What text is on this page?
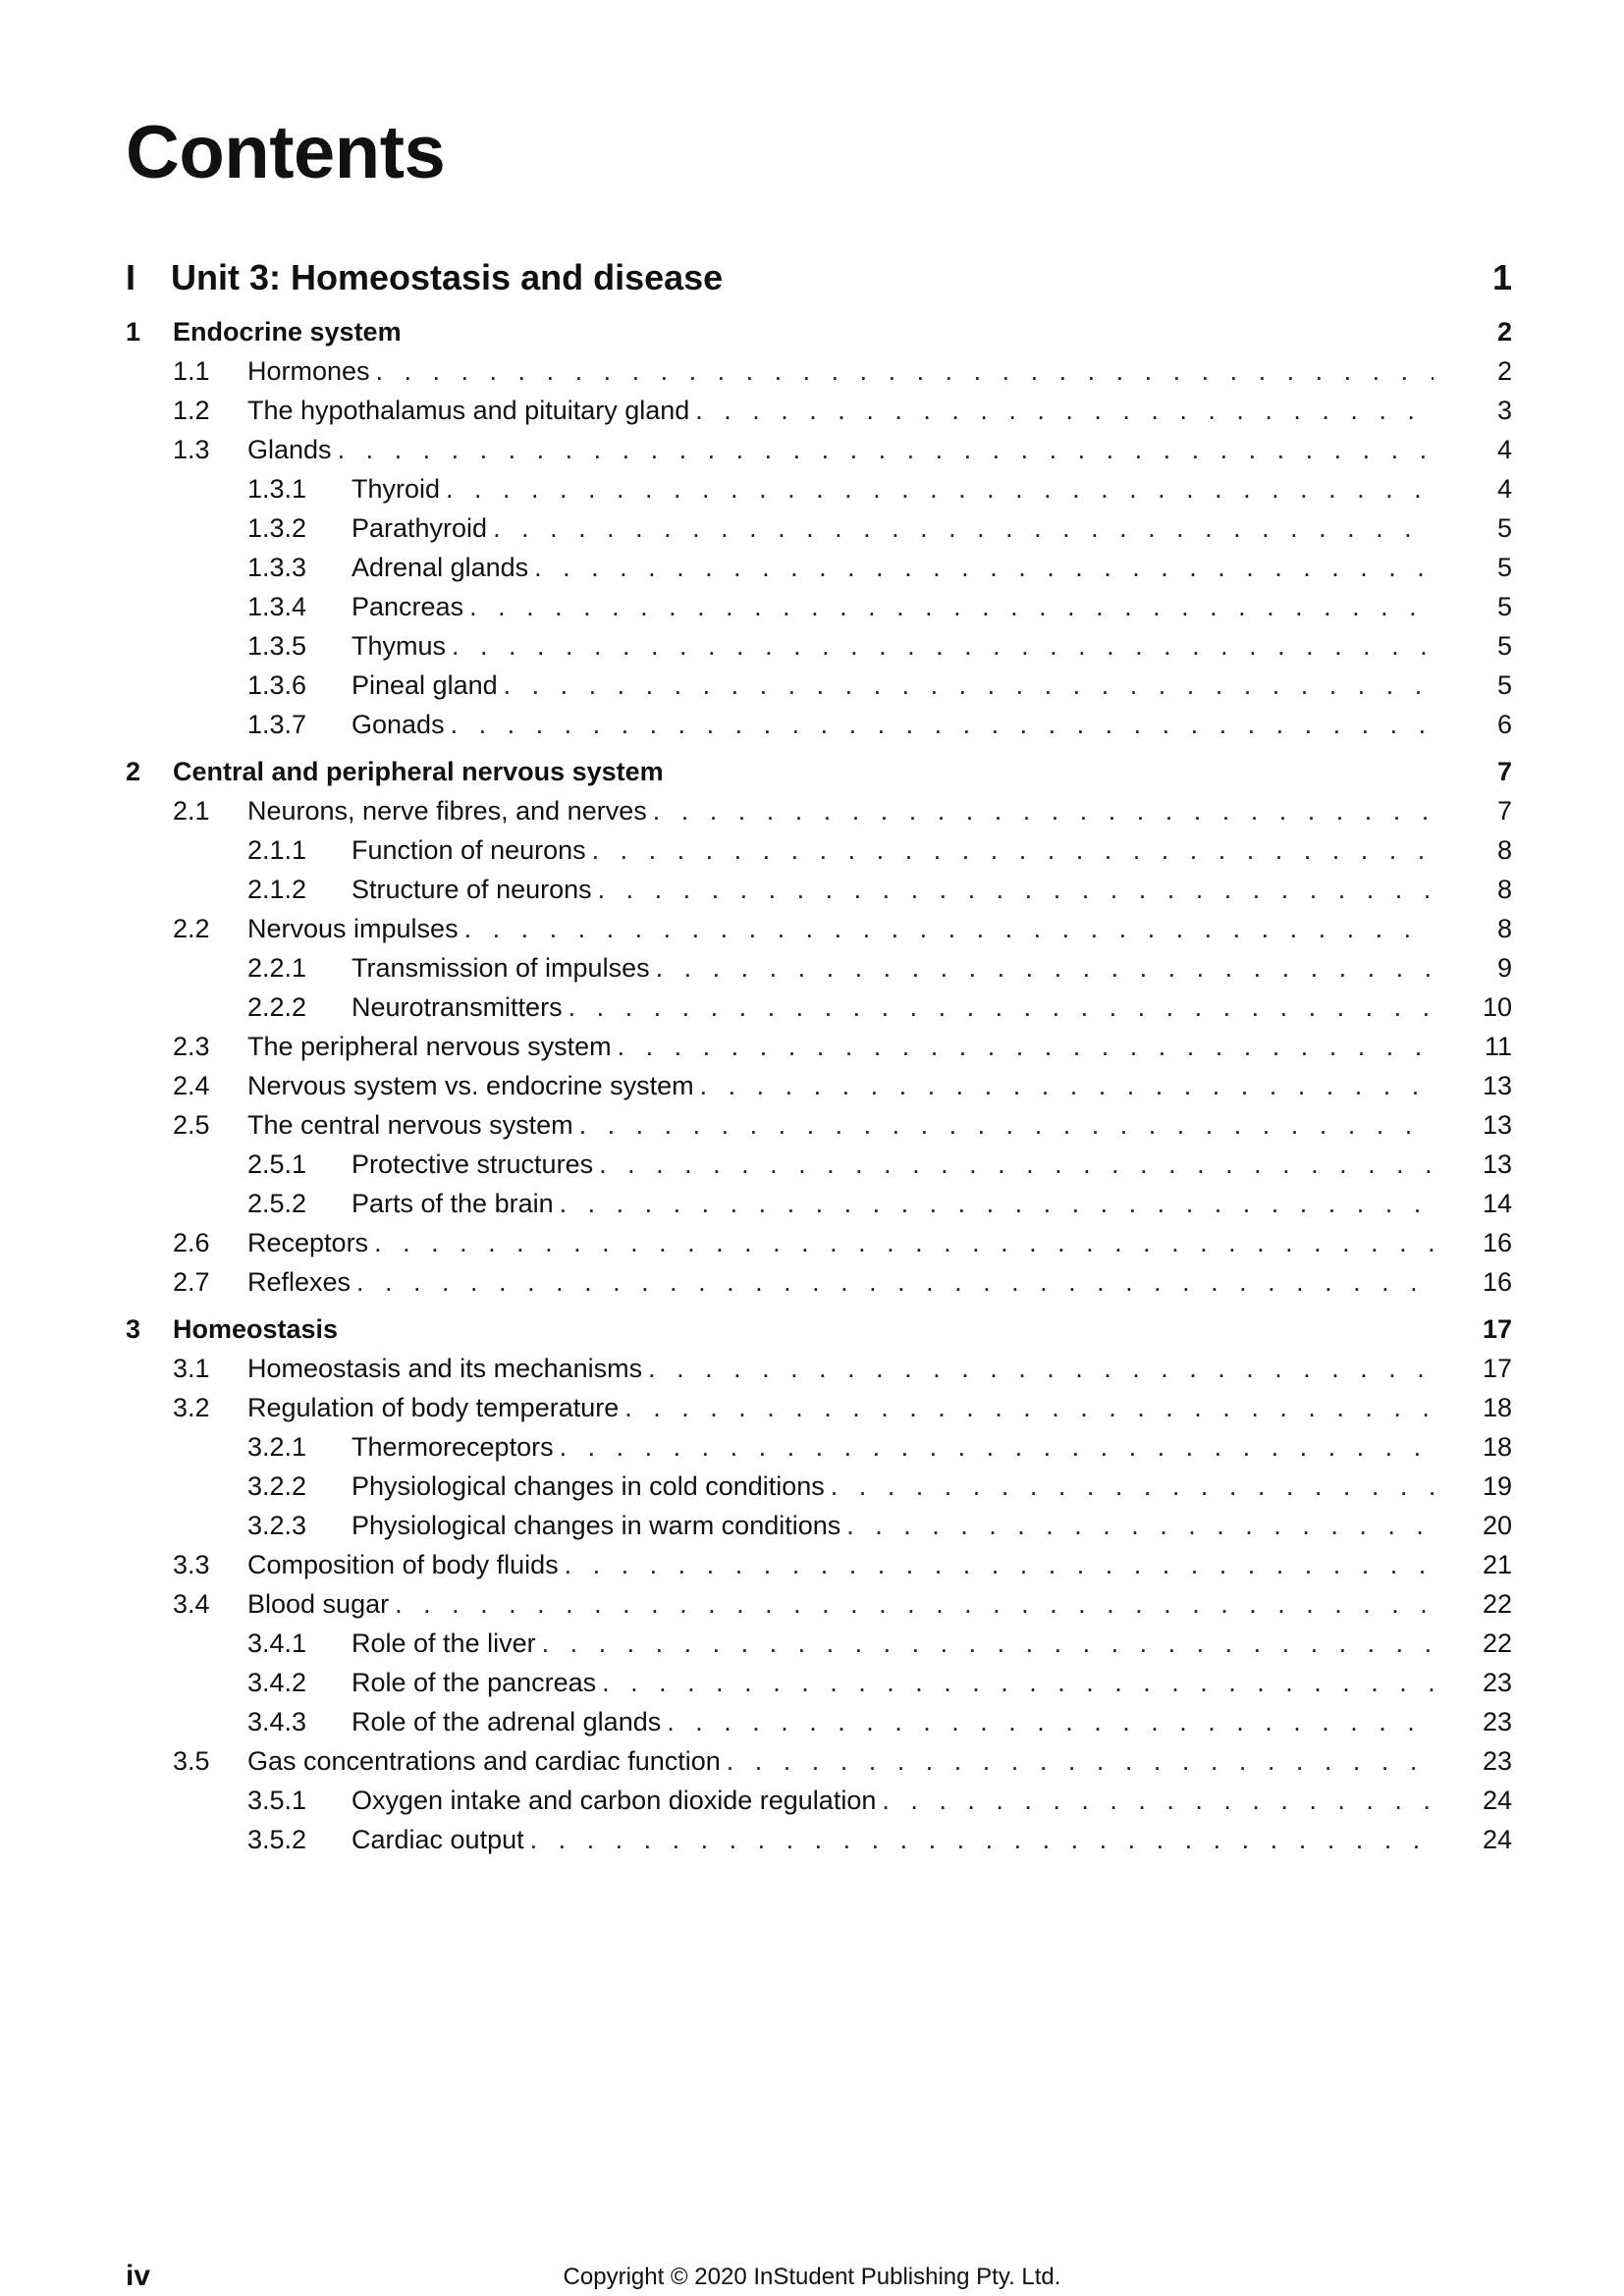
Contents
I Unit 3: Homeostasis and disease	1
1 Endocrine system	2
1.1 Hormones . . .	2
1.2 The hypothalamus and pituitary gland . . .	3
1.3 Glands . . .	4
1.3.1 Thyroid . . .	4
1.3.2 Parathyroid . . .	5
1.3.3 Adrenal glands . . .	5
1.3.4 Pancreas . . .	5
1.3.5 Thymus . . .	5
1.3.6 Pineal gland . . .	5
1.3.7 Gonads . . .	6
2 Central and peripheral nervous system	7
2.1 Neurons, nerve fibres, and nerves . . .	7
2.1.1 Function of neurons . . .	8
2.1.2 Structure of neurons . . .	8
2.2 Nervous impulses . . .	8
2.2.1 Transmission of impulses . . .	9
2.2.2 Neurotransmitters . . .	10
2.3 The peripheral nervous system . . .	11
2.4 Nervous system vs. endocrine system . . .	13
2.5 The central nervous system . . .	13
2.5.1 Protective structures . . .	13
2.5.2 Parts of the brain . . .	14
2.6 Receptors . . .	16
2.7 Reflexes . . .	16
3 Homeostasis	17
3.1 Homeostasis and its mechanisms . . .	17
3.2 Regulation of body temperature . . .	18
3.2.1 Thermoreceptors . . .	18
3.2.2 Physiological changes in cold conditions . . .	19
3.2.3 Physiological changes in warm conditions . . .	20
3.3 Composition of body fluids . . .	21
3.4 Blood sugar . . .	22
3.4.1 Role of the liver . . .	22
3.4.2 Role of the pancreas . . .	23
3.4.3 Role of the adrenal glands . . .	23
3.5 Gas concentrations and cardiac function . . .	23
3.5.1 Oxygen intake and carbon dioxide regulation . . .	24
3.5.2 Cardiac output . . .	24
iv	Copyright © 2020 InStudent Publishing Pty. Ltd.
